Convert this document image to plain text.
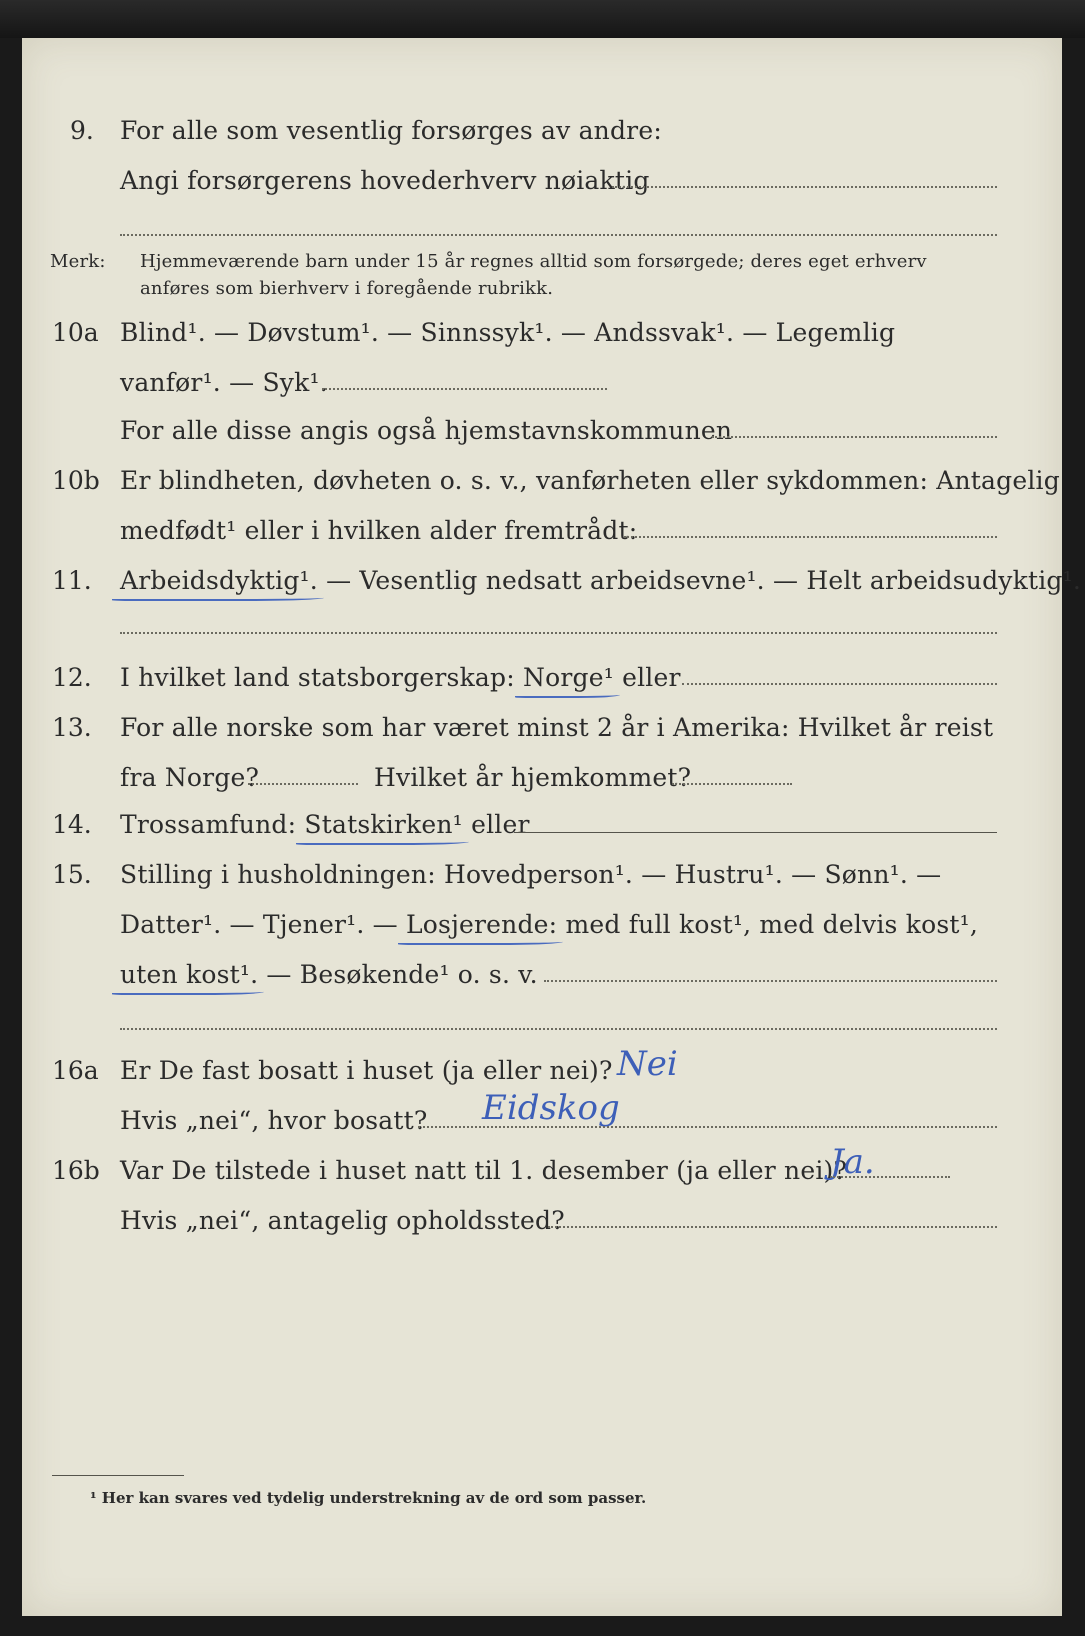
9. For alle som vesentlig forsørges av andre:
Angi forsørgerens hovederhverv nøiaktig
Merk: Hjemmeværende barn under 15 år regnes alltid som forsørgede; deres eget erhverv
anføres som bierhverv i foregående rubrikk.
10a Blind¹. — Døvstum¹. — Sinnssyk¹. — Andssvak¹. — Legemlig
vanfør¹. — Syk¹.
For alle disse angis også hjemstavnskommunen
10b Er blindheten, døvheten o. s. v., vanførheten eller sykdommen: Antagelig
medfødt¹ eller i hvilken alder fremtrådt:
11. Arbeidsdyktig¹. — Vesentlig nedsatt arbeidsevne¹. — Helt arbeidsudyktig¹.
12. I hvilket land statsborgerskap: Norge¹ eller
13. For alle norske som har været minst 2 år i Amerika: Hvilket år reist
fra Norge?	Hvilket år hjemkommet?
14. Trossamfund: Statskirken¹ eller
15. Stilling i husholdningen: Hovedperson¹. — Hustru¹. — Sønn¹. —
Datter¹. — Tjener¹. — Losjerende: med full kost¹, med delvis kost¹,
uten kost¹. — Besøkende¹ o. s. v.
16a Er De fast bosatt i huset (ja eller nei)? Nei
Hvis „nei“, hvor bosatt? Eidskog
16b Var De tilstede i huset natt til 1. desember (ja eller nei)?
Ja.
Hvis „nei“, antagelig opholdssted?
¹ Her kan svares ved tydelig understrekning av de ord som passer.
